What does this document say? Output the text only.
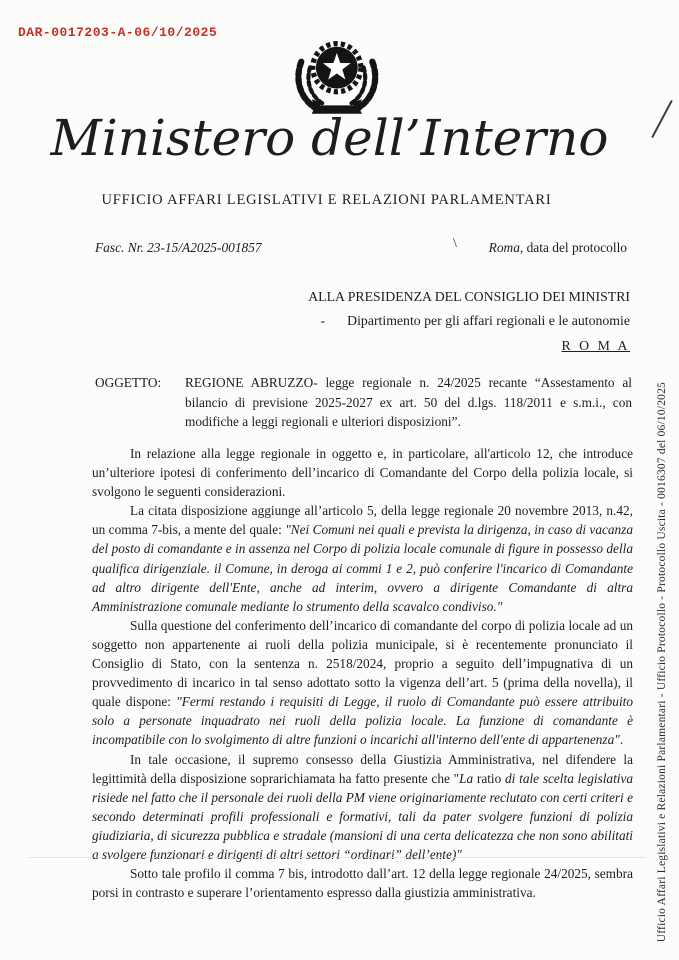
DAR-0017203-A-06/10/2025
Ministero dell’Interno
UFFICIO AFFARI LEGISLATIVI E RELAZIONI PARLAMENTARI
Fasc. Nr. 23-15/A2025-001857	\ Roma, data del protocollo
ALLA PRESIDENZA DEL CONSIGLIO DEI MINISTRI
- Dipartimento per gli affari regionali e le autonomie
R O M A
OGGETTO:	REGIONE ABRUZZO- legge regionale n. 24/2025 recante “Assestamento al bilancio di previsione 2025-2027 ex art. 50 del d.lgs. 118/2011 e s.m.i., con modifiche a leggi regionali e ulteriori disposizioni”.

In relazione alla legge regionale in oggetto e, in particolare, all'articolo 12, che introduce un’ulteriore ipotesi di conferimento dell’incarico di Comandante del Corpo della polizia locale, si svolgono le seguenti considerazioni.

La citata disposizione aggiunge all’articolo 5, della legge regionale 20 novembre 2013, n.42, un comma 7-bis, a mente del quale: "Nei Comuni nei quali e prevista la dirigenza, in caso di vacanza del posto di comandante e in assenza nel Corpo di polizia locale comunale di figure in possesso della qualifica dirigenziale. il Comune, in deroga ai commi 1 e 2, può conferire l'incarico di Comandante ad altro dirigente dell'Ente, anche ad interim, ovvero a dirigente Comandante di altra Amministrazione comunale mediante lo strumento della scavalco condiviso."

Sulla questione del conferimento dell’incarico di comandante del corpo di polizia locale ad un soggetto non appartenente ai ruoli della polizia municipale, si è recentemente pronunciato il Consiglio di Stato, con la sentenza n. 2518/2024, proprio a seguito dell’impugnativa di un provvedimento di incarico in tal senso adottato sotto la vigenza dell’art. 5 (prima della novella), il quale dispone: "Fermi restando i requisiti di Legge, il ruolo di Comandante può essere attribuito solo a personate inquadrato nei ruoli della polizia locale. La funzione di comandante è incompatibile con lo svolgimento di altre funzioni o incarichi all'interno dell'ente di appartenenza".

In tale occasione, il supremo consesso della Giustizia Amministrativa, nel difendere la legittimità della disposizione soprarichiamata ha fatto presente che "La ratio di tale scelta legislativa risiede nel fatto che il personale dei ruoli della PM viene originariamente reclutato con certi criteri e secondo determinati profili professionali e formativi, tali da pater svolgere funzioni di polizia giudiziaria, di sicurezza pubblica e stradale (mansioni di una certa delicatezza che non sono abilitati a svolgere funzionari e dirigenti di altri settori “ordinari” dell’ente)"

Sotto tale profilo il comma 7 bis, introdotto dall’art. 12 della legge regionale 24/2025, sembra porsi in contrasto e superare l’orientamento espresso dalla giustizia amministrativa.	Ufficio Affari Legislativi e Relazioni Parlamentari - Ufficio Protocollo - Protocollo Uscita - 0016307 del 06/10/2025
